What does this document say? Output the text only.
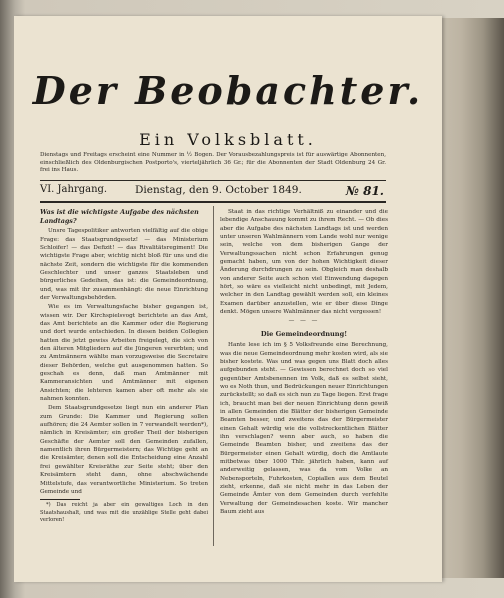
Der Beobachter.
Ein Volksblatt.
Dienstags und Freitags erscheint eine Nummer in ½ Bogen. Der Vorausbezahlungspreis ist für auswärtige Abonnenten, einschließlich des Oldenburgischen Postporto's, vierteljährlich 36 Gr.; für die Abonnenten der Stadt Oldenburg 24 Gr. frei ins Haus.
VI. Jahrgang.	Dienstag, den 9. October 1849.	№ 81.

Was ist die wichtigste Aufgabe des nächsten Landtags?

Unsre Tagespolitiker antworten vielfältig auf die obige Frage: das Staatsgrundgesetz! — das Ministerium Schloifer! — das Defizit! — das Rivalitätsregiment! Die wichtigste Frage aber, wichtig nicht bloß für uns und die nächste Zeit, sondern die wichtigste für die kommenden Geschlechter und unser ganzes Staatsleben und bürgerliches Gedeihen, das ist: die Gemeindeordnung, und, was mit ihr zusammenhängt: die neue Einrichtung der Verwaltungsbehörden.

Wie es im Verwaltungsfache bisher gegangen ist, wissen wir. Der Kirchspielsvogt berichtete an das Amt, das Amt berichtete an die Kammer oder die Regierung und dort wurde entschieden. In diesen beiden Collegien hatten die jetzt gewiss Arbeiten freigelegt, die sich von den älteren Mitgliedern auf die Jüngeren vererbten; und zu Amtmännern wählte man vorzugsweise die Secretaire dieser Behörden, welche gut ausgenommen hatten. So geschah es denn, daß man Amtmänner mit Kammeransichten und Amtmänner mit eigenen Ansichten; die lehteren kamen aber oft mehr als sie nahmen konnten.

Dem Staatsgrundgesetze liegt nun ein anderer Plan zum Grunde: Die Kammer und Regierung sollen aufhören; die 24 Aemter sollen in 7 verwandelt werden*), nämlich in Kreisämter; ein großer Theil der bisherigen Geschäfte der Aemter soll den Gemeinden zufallen, namentlich ihren Bürgermeistern; das Wichtige geht an die Kreisämter, denen soll die Entscheidung eine Anzahl frei gewählter Kreisräthe zur Seite steht; über den Kreisämtern steht dann, ohne abschwächende Mittelstufe, das verantwortliche Ministerium. So treten Gemeinde und

*) Das reicht ja aber ein gewaltiges Loch in den Staatshaushalt, und was mit die unzählige Stelle geht dabei verloren!

Staat in das richtige Verhältniß zu einander und die lebendige Anschauung kommt zu ihrem Recht. — Ob dies aber die Aufgabe des nächsten Landtags ist und werden unter unseren Wahlmännern vom Lande wohl nur wenige sein, welche von dem bisherigen Gange der Verwaltungssachen nicht schon Erfahrungen genug gemacht haben, um von der hohen Wichtigkeit dieser Änderung durchdrungen zu sein. Obgleich man deshalb von anderer Seite auch schon viel Einwendung dagegen hört, so wäre es vielleicht nicht unbedingt, mit Jedem, welcher in den Landtag gewählt werden soll, ein kleines Examen darüber anzustellen, wie er über diese Dinge denkt. Mögen unsere Wahlmänner das nicht vergessen!

— — —

Die Gemeindeordnung!

Hante lese ich im § 5 Volksfreunde eine Berechnung, was die neue Gemeindeordnung mehr kosten wird, als sie bisher kostete. Was und was gegen uns Blatt doch alles aufgebunden steht. — Gewissen berechnet doch so viel gegenüber Amtsbenennen im Volk, daß es selbst sieht, wo es Noth thun, und Bedrückungen neuer Einrichtungen zurückstellt; so daß es sich nun zu Tage liegen. Erst frage ich, braucht man bei der neuen Einrichtung denn gewiß in allen Gemeinden die Blätter der bisherigen Gemeinde Beamten besser, und zweitens das der Bürgermeister einen Gehalt würdig wie die vollstreckentlichen Blätter ihn verschlagen? wenn aber auch, so haben die Gemeinde Beamten bisher, und zweitens das der Bürgermeister einen Gehalt würdig, doch die Amtlaute mitbetwas über 1000 Thlr. jährlich haben, kann auf anderweitig gelassen, was da vom Volke an Nebensporteln, Fuhrkosten, Copiallen aus dem Beutel zieht, erkenne, daß sie nicht mehr in das Leben der Gemeinde Ämter von dem Gemeinden durch verfehlte Verwaltung der Gemeindesachen koste. Wir mancher Baum zieht aus
